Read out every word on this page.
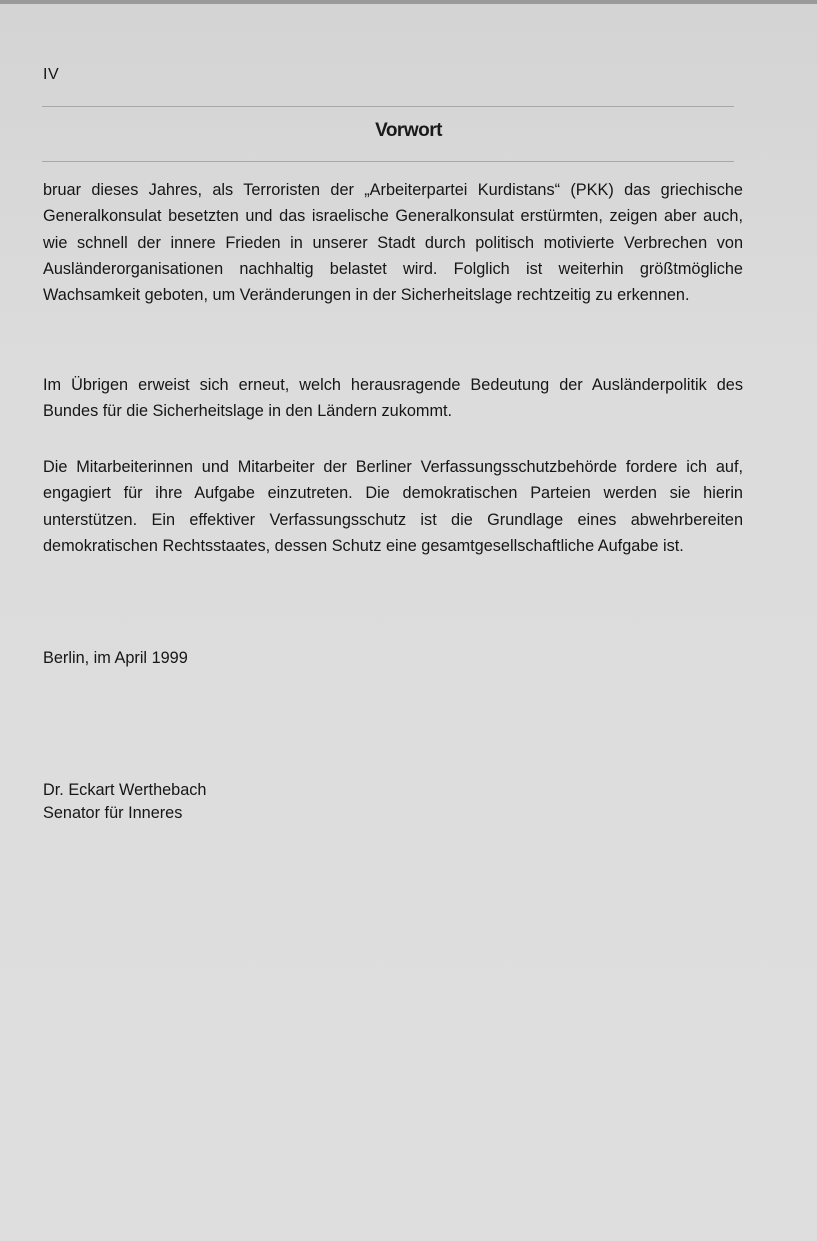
IV
Vorwort

bruar dieses Jahres, als Terroristen der „Arbeiterpartei Kurdistans“ (PKK) das griechische Generalkonsulat besetzten und das israelische Generalkonsulat erstürmten, zeigen aber auch, wie schnell der innere Frieden in unserer Stadt durch politisch motivierte Verbrechen von Ausländerorganisationen nachhaltig belastet wird. Folglich ist weiterhin größtmögliche Wachsamkeit geboten, um Veränderungen in der Sicherheitslage rechtzeitig zu erkennen.

Im Übrigen erweist sich erneut, welch herausragende Bedeutung der Ausländerpolitik des Bundes für die Sicherheitslage in den Ländern zukommt.

Die Mitarbeiterinnen und Mitarbeiter der Berliner Verfassungsschutzbehörde fordere ich auf, engagiert für ihre Aufgabe einzutreten. Die demokratischen Parteien werden sie hierin unterstützen. Ein effektiver Verfassungsschutz ist die Grundlage eines abwehrbereiten demokratischen Rechtsstaates, dessen Schutz eine gesamtgesellschaftliche Aufgabe ist.

Berlin, im April 1999
Dr. Eckart Werthebach
Senator für Inneres
